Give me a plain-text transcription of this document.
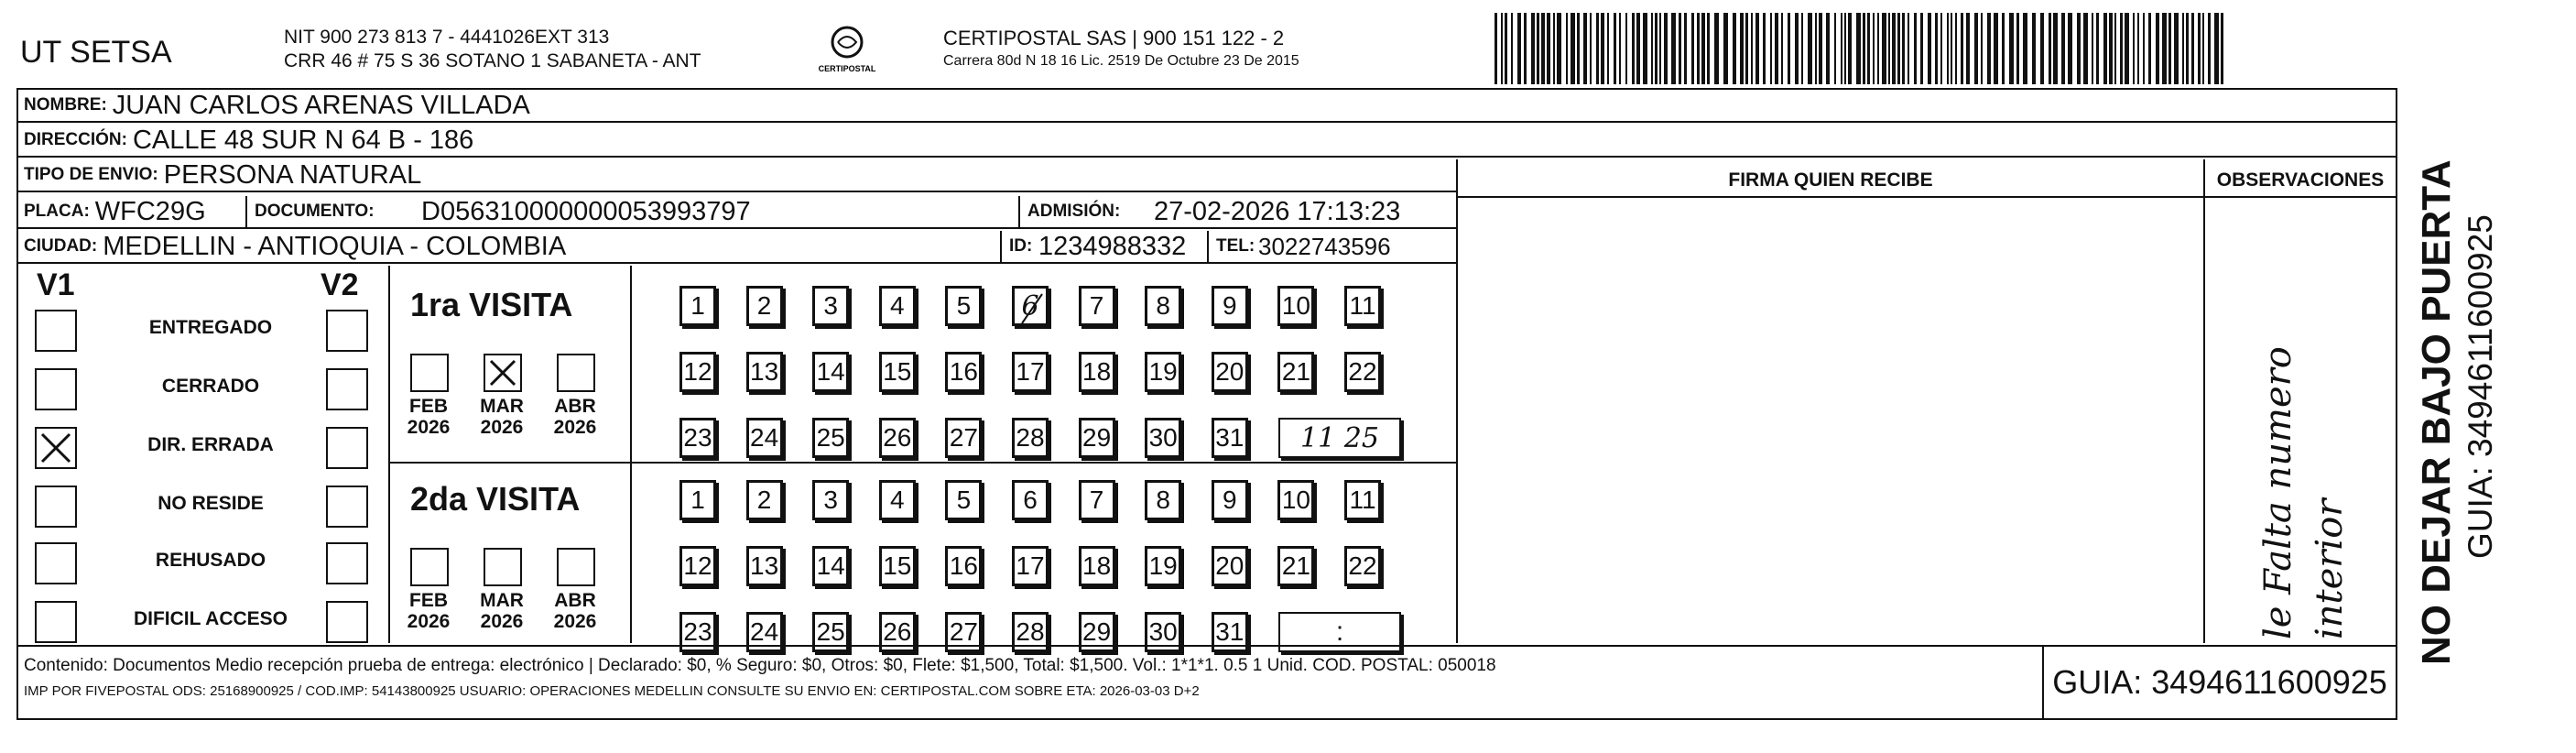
UT SETSA	NIT 900 273 813 7 - 4441026EXT 313
CRR 46 # 75 S 36 SOTANO 1 SABANETA - ANT	CERTIPOSTAL
CERTIPOSTAL SAS | 900 151 122 - 2
Carrera 80d N 18 16 Lic. 2519 De Octubre 23 De 2015
NOMBRE: JUAN CARLOS ARENAS VILLADA
DIRECCIÓN: CALLE 48 SUR N 64 B - 186
TIPO DE ENVIO: PERSONA NATURAL
PLACA: WFC29G	DOCUMENTO: D056310000000053993797	ADMISIÓN: 27-02-2026 17:13:23
CIUDAD: MEDELLIN - ANTIOQUIA - COLOMBIA	ID: 1234988332 TEL: 3022743596
FIRMA QUIEN RECIBE	OBSERVACIONES
le Falta numero interior
V1	V2
ENTREGADO
CERRADO
DIR. ERRADA
NO RESIDE
REHUSADO
DIFICIL ACCESO
1ra VISITA
2da VISITA
FEB
2026
MAR
2026
ABR
2026
1	2	3	4	5	6	7	8	9	10 11
12 13 14 15 16 17 18 19 20 21 22
23 24 25 26 27 28 29 30 31	11 25
FEB
2026
MAR
2026
ABR
2026
1	2	3	4	5	6	7	8	9	10 11
12 13 14 15 16 17 18 19 20 21 22
23 24 25 26 27 28 29 30 31	:
Contenido: Documentos Medio recepción prueba de entrega: electrónico | Declarado: $0, % Seguro: $0, Otros: $0, Flete: $1,500, Total: $1,500. Vol.: 1*1*1. 0.5 1 Unid. COD. POSTAL: 050018
IMP POR FIVEPOSTAL ODS: 25168900925 / COD.IMP: 54143800925 USUARIO: OPERACIONES MEDELLIN CONSULTE SU ENVIO EN: CERTIPOSTAL.COM SOBRE ETA: 2026-03-03 D+2	GUIA: 3494611600925
NO DEJAR BAJO PUERTA GUIA: 3494611600925
